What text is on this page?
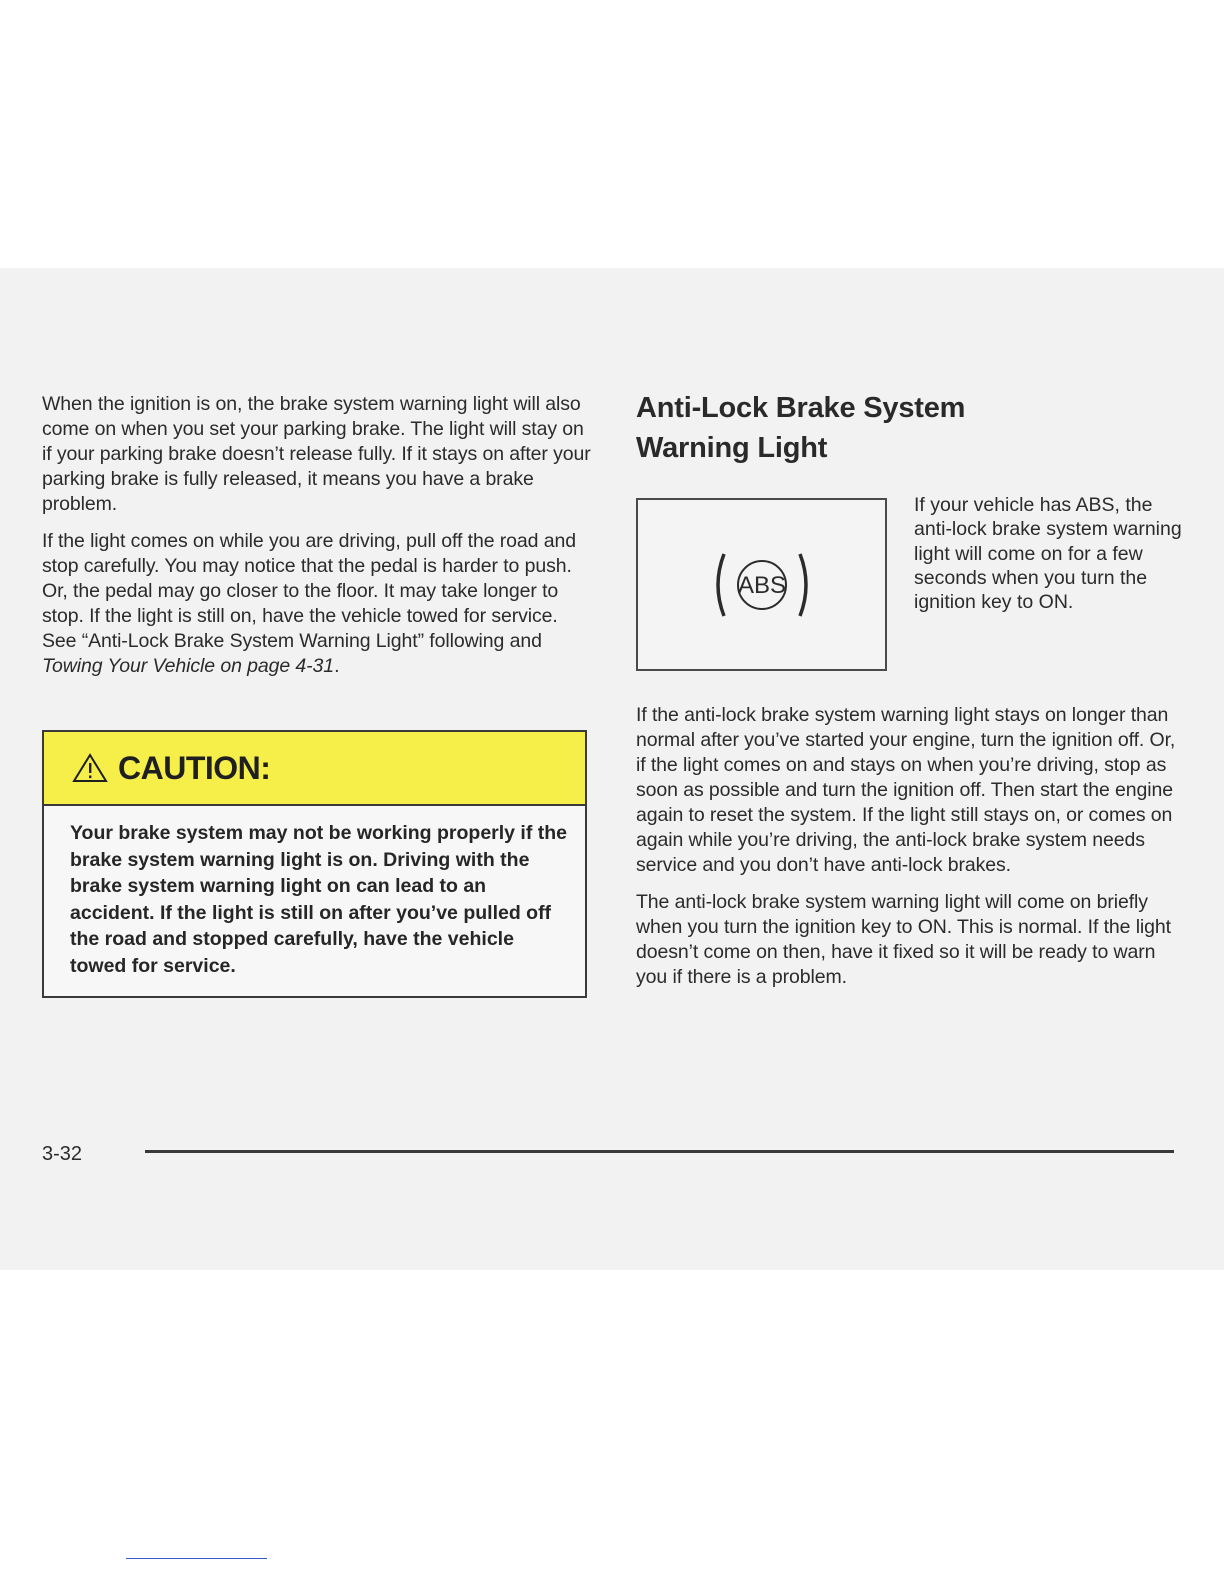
When the ignition is on, the brake system warning light will also come on when you set your parking brake. The light will stay on if your parking brake doesn’t release fully. If it stays on after your parking brake is fully released, it means you have a brake problem.

If the light comes on while you are driving, pull off the road and stop carefully. You may notice that the pedal is harder to push. Or, the pedal may go closer to the floor. It may take longer to stop. If the light is still on, have the vehicle towed for service. See “Anti-Lock Brake System Warning Light” following and Towing Your Vehicle on page 4-31.

CAUTION:
Your brake system may not be working properly if the brake system warning light is on. Driving with the brake system warning light on can lead to an accident. If the light is still on after you’ve pulled off the road and stopped carefully, have the vehicle towed for service.
Anti-Lock Brake System
Warning Light
ABS

If your vehicle has ABS, the anti-lock brake system warning light will come on for a few seconds when you turn the ignition key to ON.

If the anti-lock brake system warning light stays on longer than normal after you’ve started your engine, turn the ignition off. Or, if the light comes on and stays on when you’re driving, stop as soon as possible and turn the ignition off. Then start the engine again to reset the system. If the light still stays on, or comes on again while you’re driving, the anti-lock brake system needs service and you don’t have anti-lock brakes.

The anti-lock brake system warning light will come on briefly when you turn the ignition key to ON. This is normal. If the light doesn’t come on then, have it fixed so it will be ready to warn you if there is a problem.

3-32
